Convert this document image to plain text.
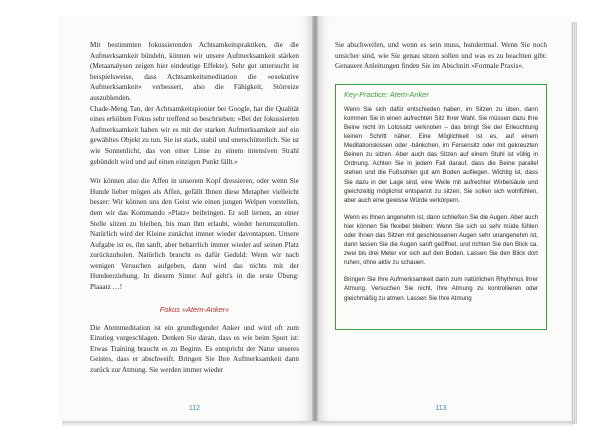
Mit bestimmten fokussierenden Achtsamkeitspraktiken, die die Aufmerksamkeit bündeln, können wir unsere Aufmerksamkeit stärken (Metaanalysen zeigen hier eindeutige Effekte). Sehr gut untersucht ist beispielsweise, dass Achtsamkeitsmeditation die »exekutive Aufmerksamkeit« verbessert, also die Fähigkeit, Störreize auszublenden.

Chade-Meng Tan, der Achtsamkeitspionier bei Google, hat die Qualität eines erhöhten Fokus sehr treffend so beschrieben: »Bei der fokussierten Aufmerksamkeit haben wir es mit der starken Aufmerksamkeit auf ein gewähltes Objekt zu tun. Sie ist stark, stabil und unerschütterlich. Sie ist wie Sonnenlicht, das von einer Linse zu einem intensiven Strahl gebündelt wird und auf einen einzigen Punkt fällt.«

Wir können also die Affen in unserem Kopf dressieren, oder wenn Sie Hunde lieber mögen als Affen, gefällt Ihnen diese Metapher vielleicht besser: Wir können uns den Geist wie einen jungen Welpen vorstellen, dem wir das Kommando »Platz« beibringen. Er soll lernen, an einer Stelle sitzen zu bleiben, bis man ihm erlaubt, wieder herumzutollen. Natürlich wird der Kleine zunächst immer wieder davontapsen. Unsere Aufgabe ist es, ihn sanft, aber beharrlich immer wieder auf seinen Platz zurückzuholen. Natürlich braucht es dafür Geduld: Wenn wir nach wenigen Versuchen aufgeben, dann wird das nichts mit der Hundeerziehung. In diesem Sinne: Auf geht's in die erste Übung: Plaaatz …!

Fokus »Atem-Anker«

Die Atemmeditation ist ein grundlegender Anker und wird oft zum Einstieg vorgeschlagen. Denken Sie daran, dass es wie beim Sport ist: Etwas Training braucht es zu Beginn. Es entspricht der Natur unseres Geistes, dass er abschweift. Bringen Sie Ihre Aufmerksamkeit dann zurück zur Atmung. Sie werden immer wieder

112

Sie abschweifen, und wenn es sein muss, hundertmal. Wenn Sie noch unsicher sind, wie Sie genau sitzen sollen und was es zu beachten gibt: Genauere Anleitungen finden Sie im Abschnitt »Formale Praxis«.

Key-Practice: Atem-Anker

Wenn Sie sich dafür entschieden haben, im Sitzen zu üben, dann kommen Sie in einen aufrechten Sitz Ihrer Wahl. Sie müssen dazu Ihre Beine nicht im Lotossitz verknoten – das bringt Sie der Erleuchtung keinen Schritt näher. Eine Möglichkeit ist es, auf einem Meditationskissen oder -bänkchen, im Fersensitz oder mit gekreuzten Beinen zu sitzen. Aber auch das Sitzen auf einem Stuhl ist völlig in Ordnung. Achten Sie in jedem Fall darauf, dass die Beine parallel stehen und die Fußsohlen gut am Boden aufliegen. Wichtig ist, dass Sie dazu in der Lage sind, eine Weile mit aufrechter Wirbelsäule und gleichzeitig möglichst entspannt zu sitzen. Sie sollen sich wohlfühlen, aber auch eine gewisse Würde verkörpern.

Wenn es Ihnen angenehm ist, dann schließen Sie die Augen. Aber auch hier können Sie flexibel bleiben: Wenn Sie sich so sehr müde fühlen oder Ihnen das Sitzen mit geschlossenen Augen sehr unangenehm ist, dann lassen Sie die Augen sanft geöffnet, und richten Sie den Blick ca. zwei bis drei Meter vor sich auf den Boden. Lassen Sie den Blick dort ruhen, ohne aktiv zu schauen.

Bringen Sie Ihre Aufmerksamkeit dann zum natürlichen Rhythmus Ihrer Atmung. Versuchen Sie nicht, Ihre Atmung zu kontrollieren oder gleichmäßig zu atmen. Lassen Sie Ihre Atmung

113
